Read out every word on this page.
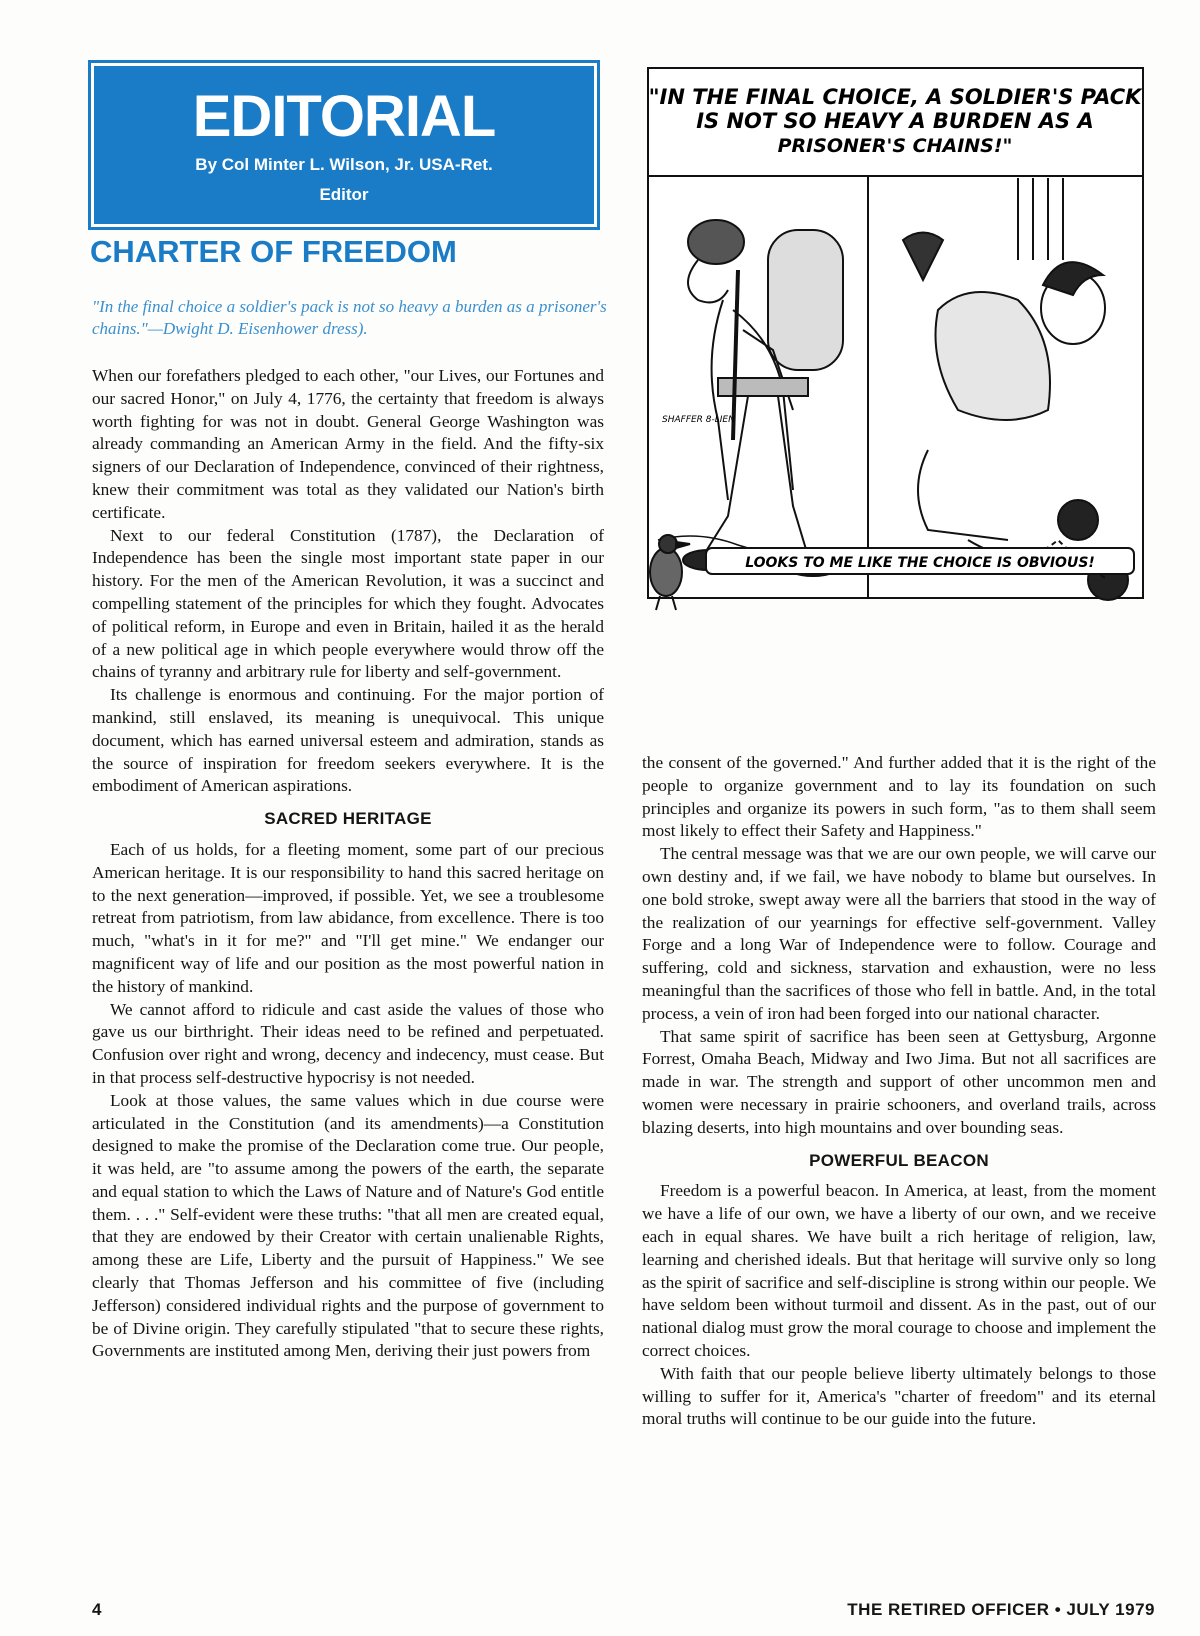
EDITORIAL
By Col Minter L. Wilson, Jr. USA-Ret.
Editor
CHARTER OF FREEDOM
"In the final choice a soldier's pack is not so heavy a burden as a prisoner's chains."—Dwight D. Eisenhower dress).
"IN THE FINAL CHOICE, A SOLDIER'S PACK
IS NOT SO HEAVY A BURDEN AS A
PRISONER'S CHAINS!"
SHAFFER 8-LIEN
LOOKS TO ME LIKE THE CHOICE IS OBVIOUS!

When our forefathers pledged to each other, "our Lives, our Fortunes and our sacred Honor," on July 4, 1776, the certainty that freedom is always worth fighting for was not in doubt. General George Washington was already commanding an American Army in the field. And the fifty-six signers of our Declaration of Independence, convinced of their rightness, knew their commitment was total as they validated our Nation's birth certificate.

Next to our federal Constitution (1787), the Declaration of Independence has been the single most important state paper in our history. For the men of the American Revolution, it was a succinct and compelling statement of the principles for which they fought. Advocates of political reform, in Europe and even in Britain, hailed it as the herald of a new political age in which people everywhere would throw off the chains of tyranny and arbitrary rule for liberty and self-government.

Its challenge is enormous and continuing. For the major portion of mankind, still enslaved, its meaning is unequivocal. This unique document, which has earned universal esteem and admiration, stands as the source of inspiration for freedom seekers everywhere. It is the embodiment of American aspirations.

SACRED HERITAGE

Each of us holds, for a fleeting moment, some part of our precious American heritage. It is our responsibility to hand this sacred heritage on to the next generation—improved, if possible. Yet, we see a troublesome retreat from patriotism, from law abidance, from excellence. There is too much, "what's in it for me?" and "I'll get mine." We endanger our magnificent way of life and our position as the most powerful nation in the history of mankind.

We cannot afford to ridicule and cast aside the values of those who gave us our birthright. Their ideas need to be refined and perpetuated. Confusion over right and wrong, decency and indecency, must cease. But in that process self-destructive hypocrisy is not needed.

Look at those values, the same values which in due course were articulated in the Constitution (and its amendments)—a Constitution designed to make the promise of the Declaration come true. Our people, it was held, are "to assume among the powers of the earth, the separate and equal station to which the Laws of Nature and of Nature's God entitle them. . . ." Self-evident were these truths: "that all men are created equal, that they are endowed by their Creator with certain unalienable Rights, among these are Life, Liberty and the pursuit of Happiness." We see clearly that Thomas Jefferson and his committee of five (including Jefferson) considered individual rights and the purpose of government to be of Divine origin. They carefully stipulated "that to secure these rights, Governments are instituted among Men, deriving their just powers from

the consent of the governed." And further added that it is the right of the people to organize government and to lay its foundation on such principles and organize its powers in such form, "as to them shall seem most likely to effect their Safety and Happiness."

The central message was that we are our own people, we will carve our own destiny and, if we fail, we have nobody to blame but ourselves. In one bold stroke, swept away were all the barriers that stood in the way of the realization of our yearnings for effective self-government. Valley Forge and a long War of Independence were to follow. Courage and suffering, cold and sickness, starvation and exhaustion, were no less meaningful than the sacrifices of those who fell in battle. And, in the total process, a vein of iron had been forged into our national character.

That same spirit of sacrifice has been seen at Gettysburg, Argonne Forrest, Omaha Beach, Midway and Iwo Jima. But not all sacrifices are made in war. The strength and support of other uncommon men and women were necessary in prairie schooners, and overland trails, across blazing deserts, into high mountains and over bounding seas.

POWERFUL BEACON

Freedom is a powerful beacon. In America, at least, from the moment we have a life of our own, we have a liberty of our own, and we receive each in equal shares. We have built a rich heritage of religion, law, learning and cherished ideals. But that heritage will survive only so long as the spirit of sacrifice and self-discipline is strong within our people. We have seldom been without turmoil and dissent. As in the past, out of our national dialog must grow the moral courage to choose and implement the correct choices.

With faith that our people believe liberty ultimately belongs to those willing to suffer for it, America's "charter of freedom" and its eternal moral truths will continue to be our guide into the future.

4	THE RETIRED OFFICER • JULY 1979
